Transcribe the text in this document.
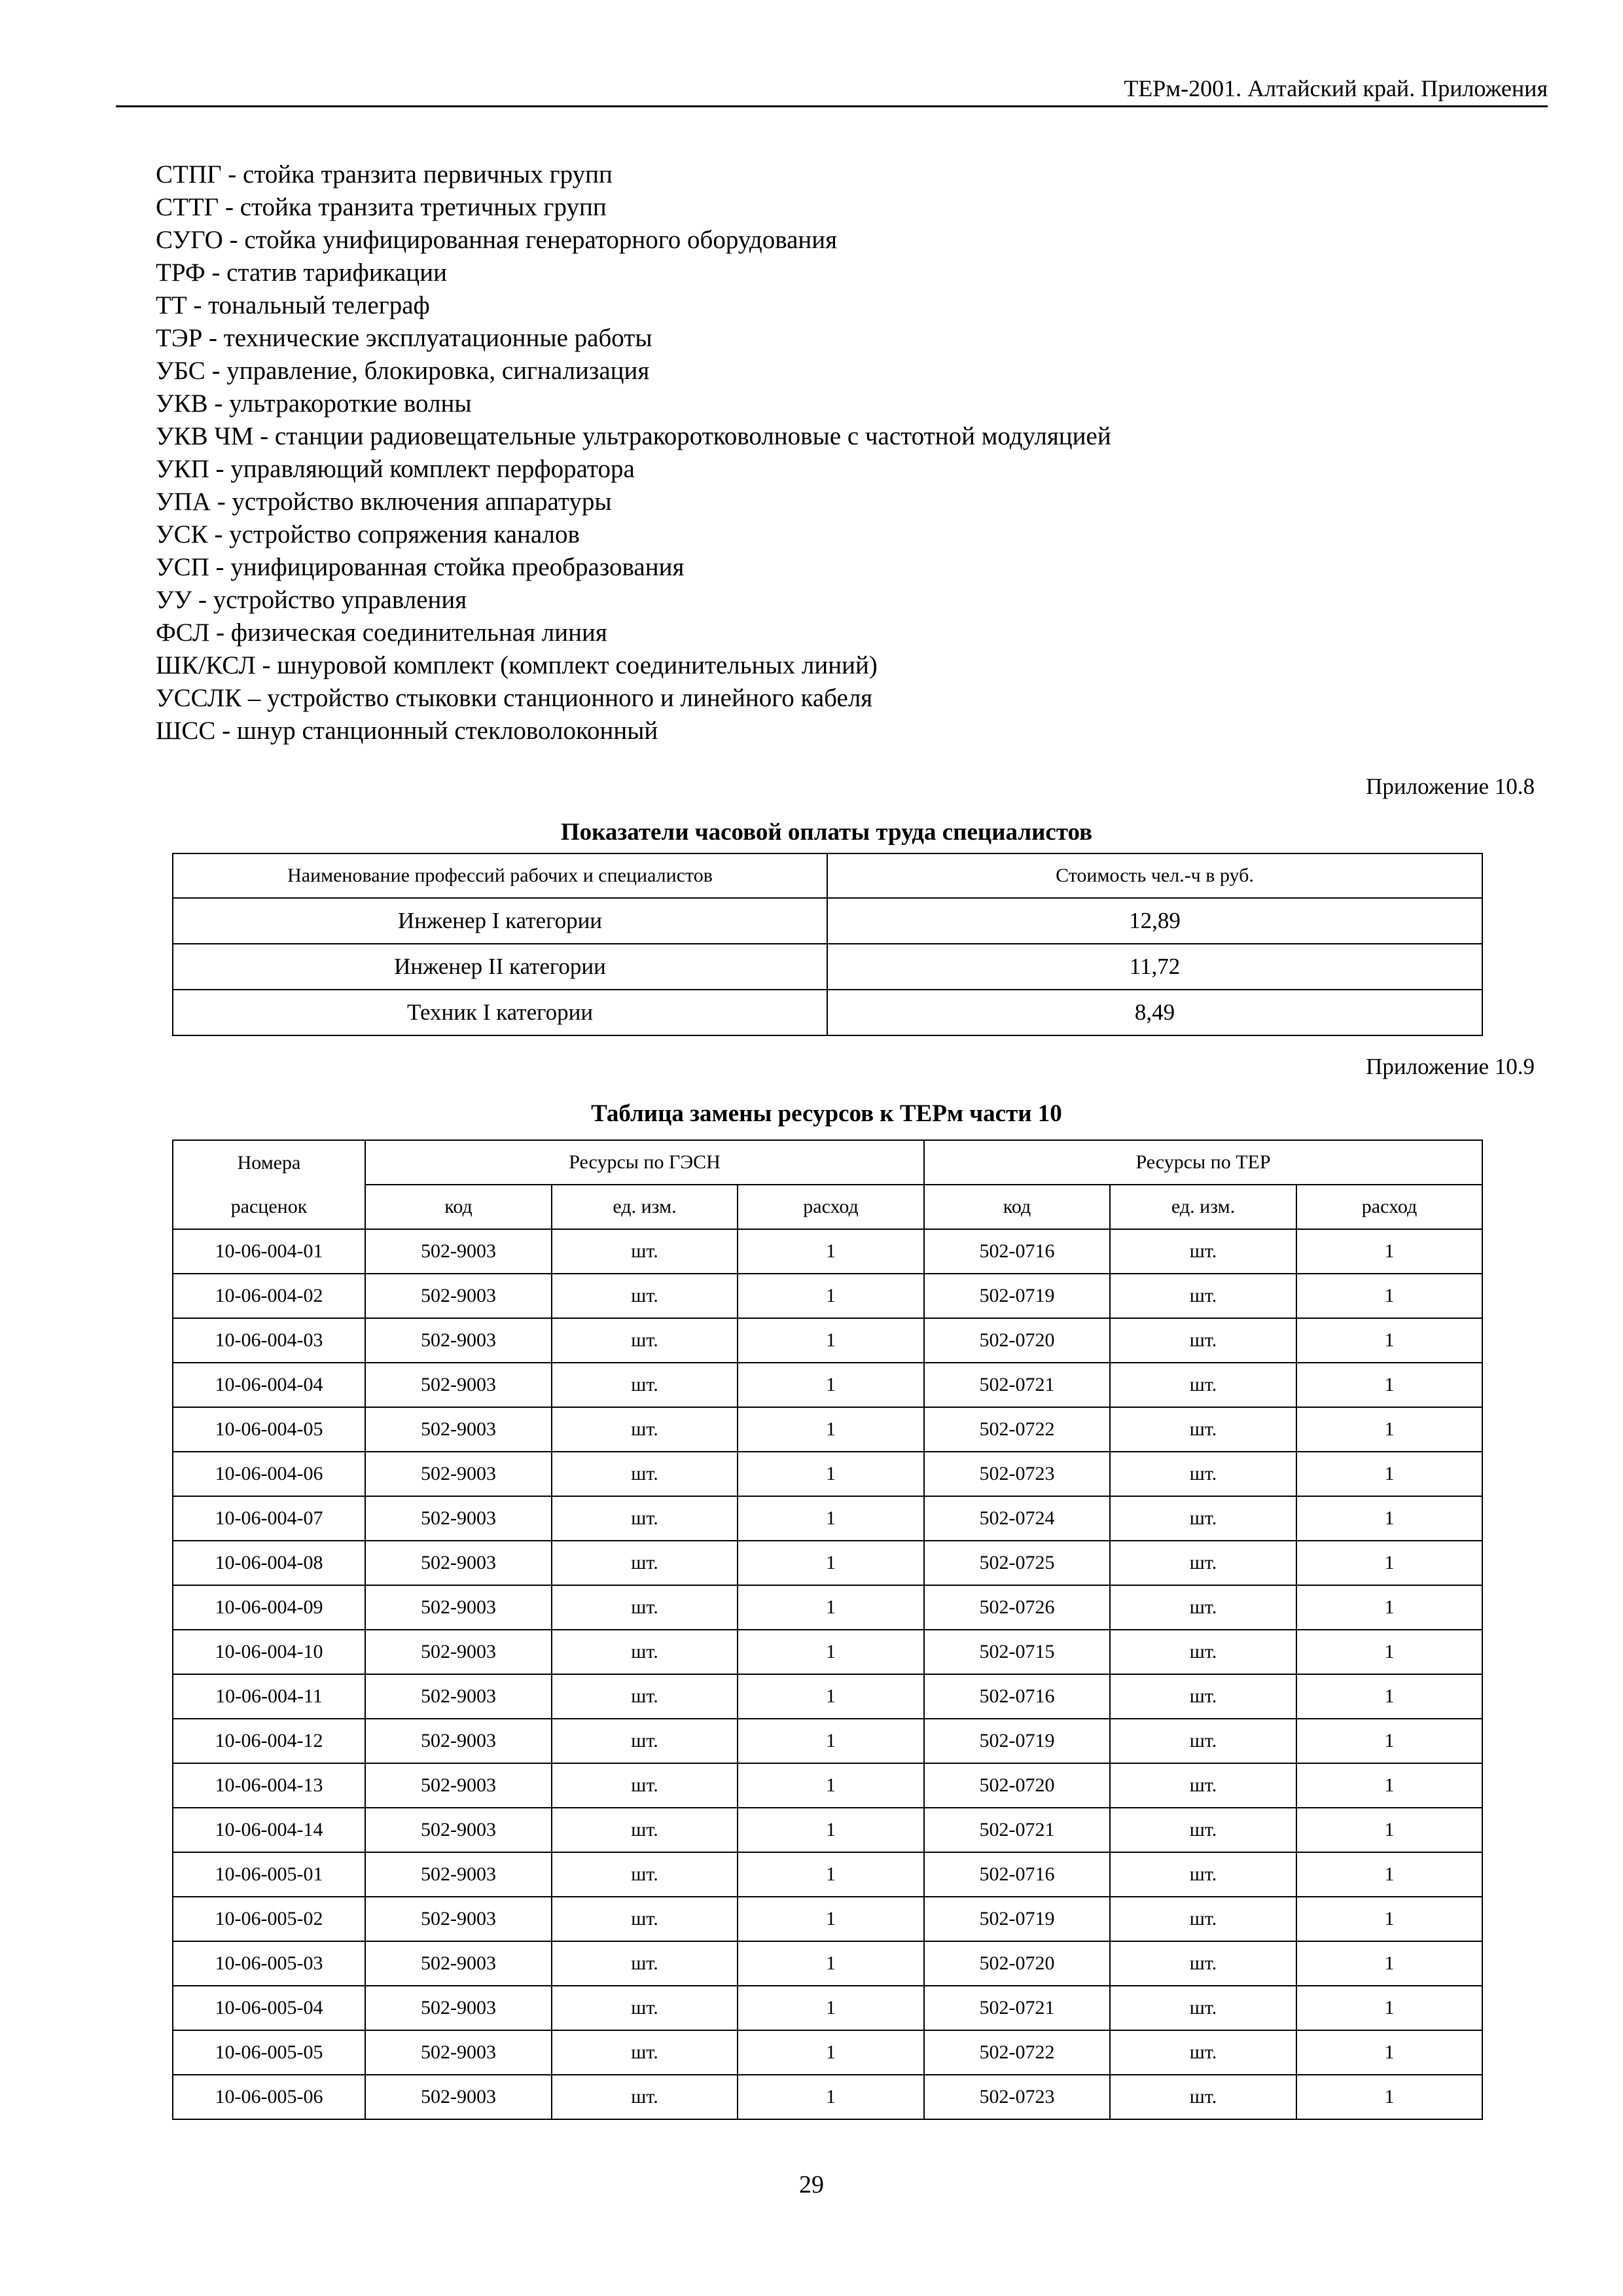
ТЕРм-2001. Алтайский край. Приложения
СТПГ - стойка транзита первичных групп
СТТГ - стойка транзита третичных групп
СУГО - стойка унифицированная генераторного оборудования
ТРФ - статив тарификации
ТТ - тональный телеграф
ТЭР - технические эксплуатационные работы
УБС - управление, блокировка, сигнализация
УКВ - ультракороткие волны
УКВ ЧМ - станции радиовещательные ультракоротковолновые с частотной модуляцией
УКП - управляющий комплект перфоратора
УПА - устройство включения аппаратуры
УСК - устройство сопряжения каналов
УСП - унифицированная стойка преобразования
УУ - устройство управления
ФСЛ - физическая соединительная линия
ШК/КСЛ - шнуровой комплект (комплект соединительных линий)
УССЛК – устройство стыковки станционного и линейного кабеля
ШСС - шнур станционный стекловолоконный
Приложение 10.8
Показатели часовой оплаты труда специалистов
Наименование профессий рабочих и специалистов	Стоимость чел.-ч в руб.
Инженер I категории	12,89
Инженер II категории	11,72
Техник I категории	8,49
Приложение 10.9
Таблица замены ресурсов к ТЕРм части 10
Номера	Ресурсы по ГЭСН			Ресурсы по ТЕР		
расценок	код	ед. изм.	расход	код	ед. изм.	расход
10-06-004-01	502-9003	шт.	1	502-0716	шт.	1
10-06-004-02	502-9003	шт.	1	502-0719	шт.	1
10-06-004-03	502-9003	шт.	1	502-0720	шт.	1
10-06-004-04	502-9003	шт.	1	502-0721	шт.	1
10-06-004-05	502-9003	шт.	1	502-0722	шт.	1
10-06-004-06	502-9003	шт.	1	502-0723	шт.	1
10-06-004-07	502-9003	шт.	1	502-0724	шт.	1
10-06-004-08	502-9003	шт.	1	502-0725	шт.	1
10-06-004-09	502-9003	шт.	1	502-0726	шт.	1
10-06-004-10	502-9003	шт.	1	502-0715	шт.	1
10-06-004-11	502-9003	шт.	1	502-0716	шт.	1
10-06-004-12	502-9003	шт.	1	502-0719	шт.	1
10-06-004-13	502-9003	шт.	1	502-0720	шт.	1
10-06-004-14	502-9003	шт.	1	502-0721	шт.	1
10-06-005-01	502-9003	шт.	1	502-0716	шт.	1
10-06-005-02	502-9003	шт.	1	502-0719	шт.	1
10-06-005-03	502-9003	шт.	1	502-0720	шт.	1
10-06-005-04	502-9003	шт.	1	502-0721	шт.	1
10-06-005-05	502-9003	шт.	1	502-0722	шт.	1
10-06-005-06	502-9003	шт.	1	502-0723	шт.	1
29
